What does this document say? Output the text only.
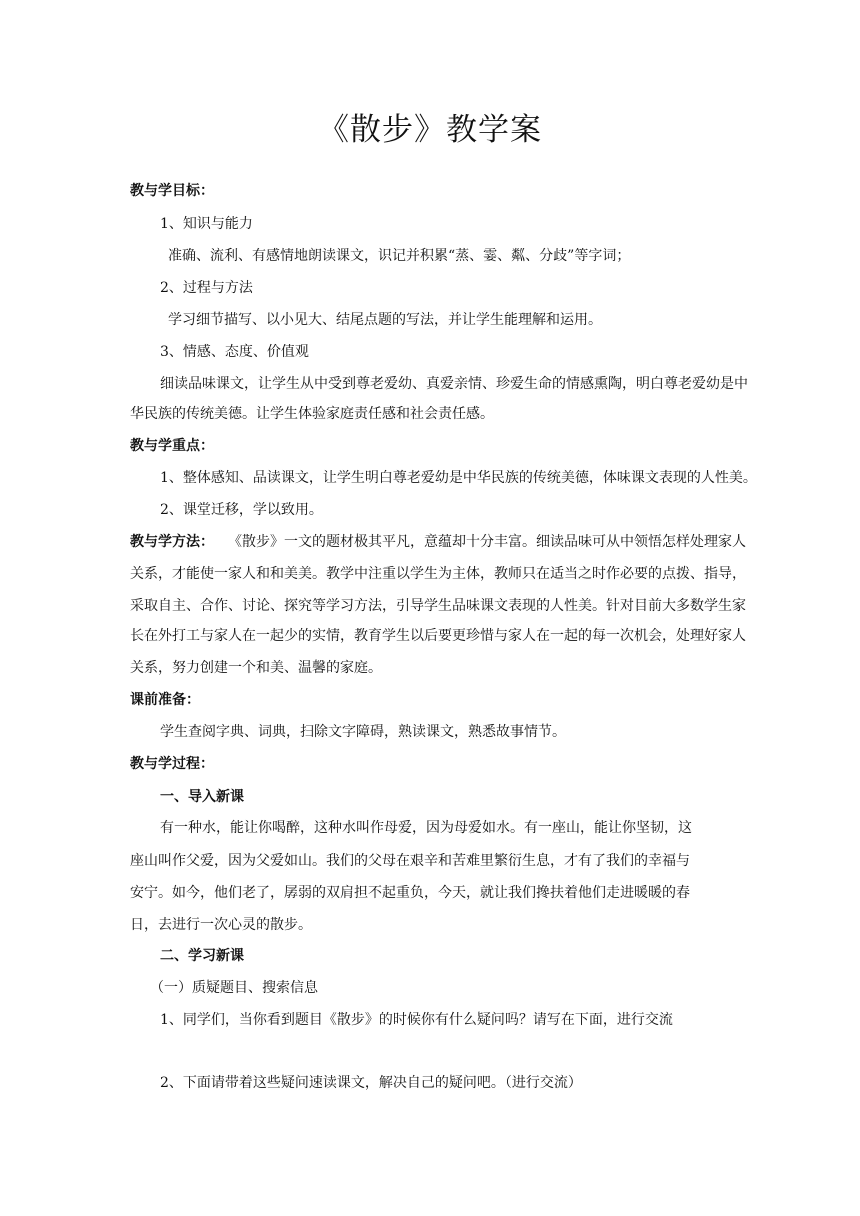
《散步》教学案
教与学目标：
1、知识与能力
准确、流利、有感情地朗读课文，识记并积累“蒸、霎、粼、分歧”等字词；
2、过程与方法
学习细节描写、以小见大、结尾点题的写法，并让学生能理解和运用。
3、情感、态度、价值观
细读品味课文，让学生从中受到尊老爱幼、真爱亲情、珍爱生命的情感熏陶，明白尊老爱幼是中
华民族的传统美德。让学生体验家庭责任感和社会责任感。
教与学重点：
1、整体感知、品读课文，让学生明白尊老爱幼是中华民族的传统美德，体味课文表现的人性美。
2、课堂迁移，学以致用。
教与学方法： 《散步》一文的题材极其平凡，意蕴却十分丰富。细读品味可从中领悟怎样处理家人
关系，才能使一家人和和美美。教学中注重以学生为主体，教师只在适当之时作必要的点拨、指导，
采取自主、合作、讨论、探究等学习方法，引导学生品味课文表现的人性美。针对目前大多数学生家
长在外打工与家人在一起少的实情，教育学生以后要更珍惜与家人在一起的每一次机会，处理好家人
关系，努力创建一个和美、温馨的家庭。
课前准备：
学生查阅字典、词典，扫除文字障碍，熟读课文，熟悉故事情节。
教与学过程：
一、导入新课
有一种水，能让你喝醉，这种水叫作母爱，因为母爱如水。有一座山，能让你坚韧，这
座山叫作父爱，因为父爱如山。我们的父母在艰辛和苦难里繁衍生息，才有了我们的幸福与
安宁。如今，他们老了，孱弱的双肩担不起重负，今天，就让我们搀扶着他们走进暖暖的春
日，去进行一次心灵的散步。
二、学习新课
（一）质疑题目、搜索信息
1、同学们，当你看到题目《散步》的时候你有什么疑问吗？请写在下面，进行交流
2、下面请带着这些疑问速读课文，解决自己的疑问吧。（进行交流）
